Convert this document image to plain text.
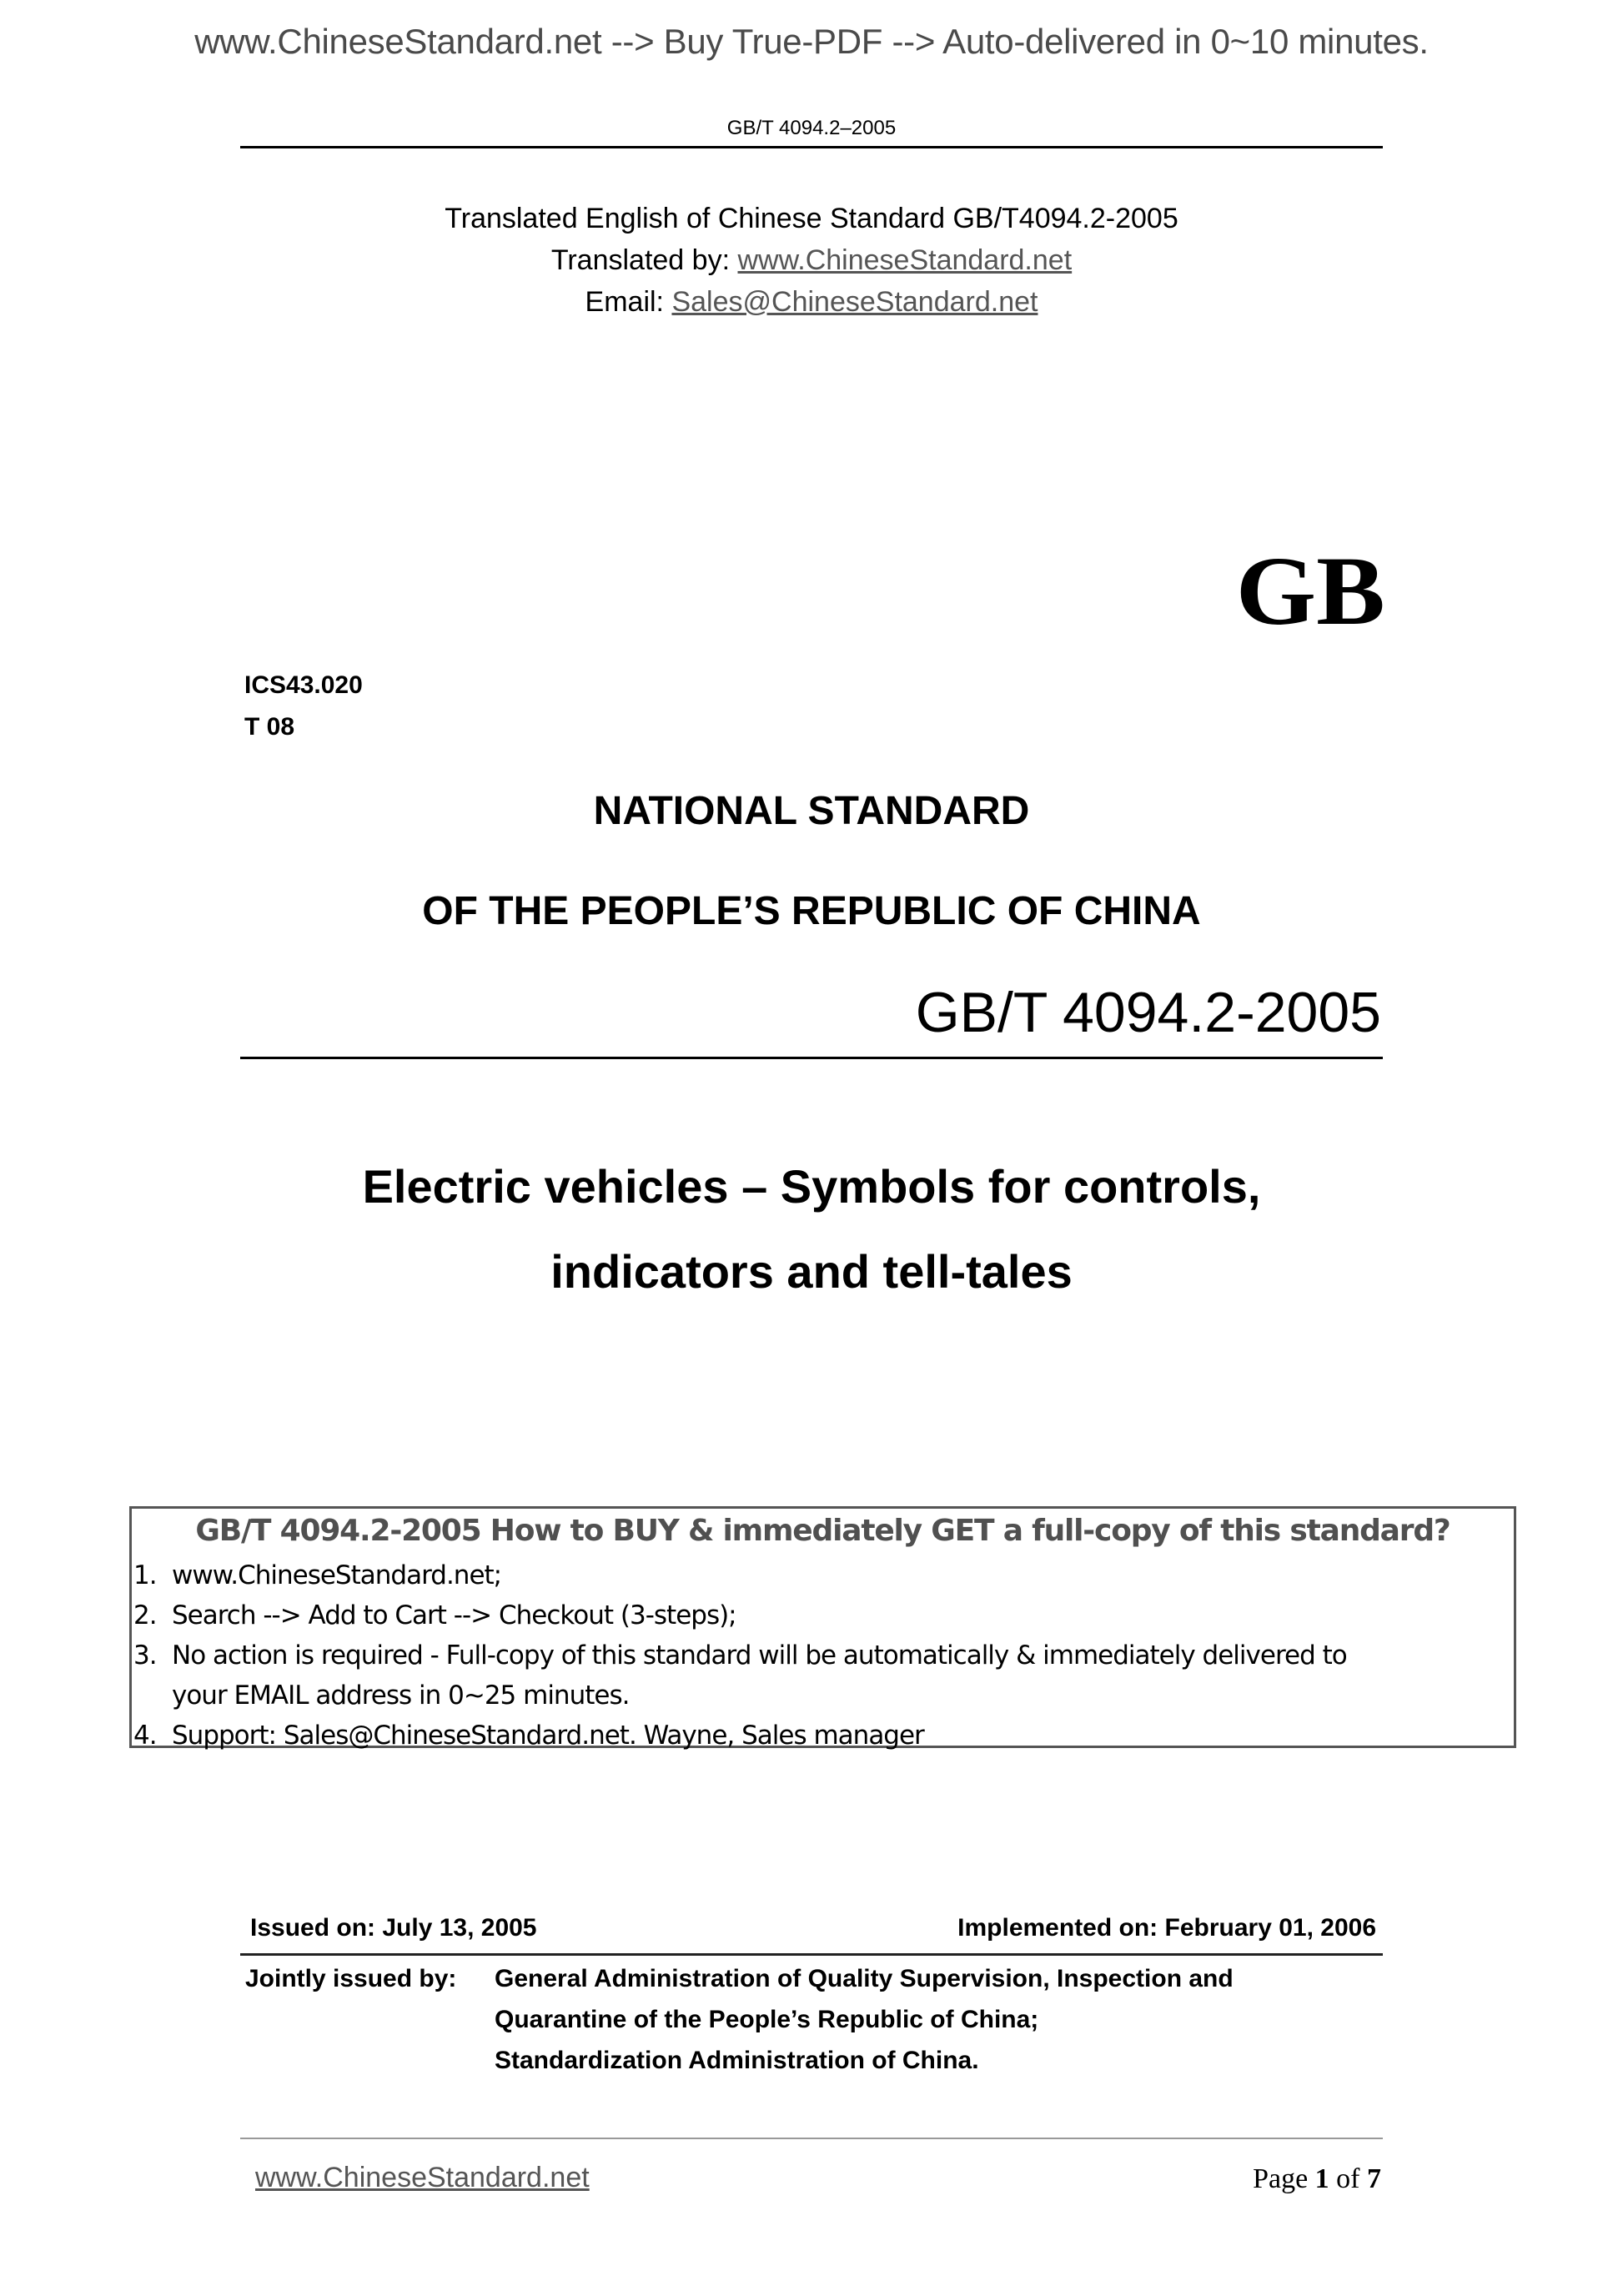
www.ChineseStandard.net --> Buy True-PDF --> Auto-delivered in 0~10 minutes.
GB/T 4094.2–2005
Translated English of Chinese Standard GB/T4094.2-2005
Translated by: www.ChineseStandard.net
Email: Sales@ChineseStandard.net
GB
ICS43.020
T 08
NATIONAL STANDARD
OF THE PEOPLE’S REPUBLIC OF CHINA
GB/T 4094.2-2005
Electric vehicles – Symbols for controls,
indicators and tell-tales
GB/T 4094.2-2005 How to BUY & immediately GET a full-copy of this standard?
1. www.ChineseStandard.net;
2. Search --> Add to Cart --> Checkout (3-steps);
3. No action is required - Full-copy of this standard will be automatically & immediately delivered to
your EMAIL address in 0~25 minutes.
4. Support: Sales@ChineseStandard.net. Wayne, Sales manager
Issued on: July 13, 2005	Implemented on: February 01, 2006
Jointly issued by: General Administration of Quality Supervision, Inspection and
Quarantine of the People’s Republic of China;
Standardization Administration of China.
www.ChineseStandard.net	Page 1 of 7
